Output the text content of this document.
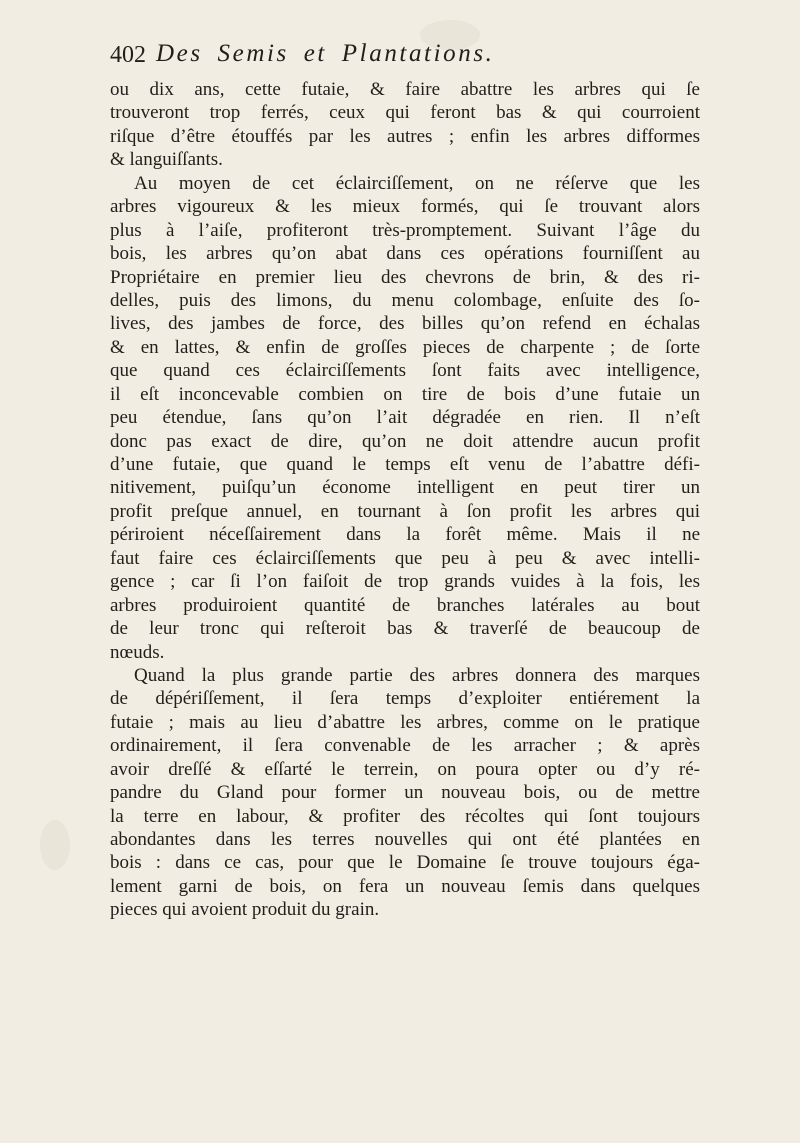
402 Des Semis et Plantations.
ou dix ans, cette futaie, & faire abattre les arbres qui ſe
trouveront trop ferrés, ceux qui feront bas & qui courroient
riſque d’être étouffés par les autres ; enfin les arbres difformes
& languiſſants.
Au moyen de cet éclairciſſement, on ne réſerve que les
arbres vigoureux & les mieux formés, qui ſe trouvant alors
plus à l’aiſe, profiteront très-promptement. Suivant l’âge du
bois, les arbres qu’on abat dans ces opérations fourniſſent au
Propriétaire en premier lieu des chevrons de brin, & des ri-
delles, puis des limons, du menu colombage, enſuite des ſo-
lives, des jambes de force, des billes qu’on refend en échalas
& en lattes, & enfin de groſſes pieces de charpente ; de ſorte
que quand ces éclairciſſements ſont faits avec intelligence,
il eſt inconcevable combien on tire de bois d’une futaie un
peu étendue, ſans qu’on l’ait dégradée en rien. Il n’eſt
donc pas exact de dire, qu’on ne doit attendre aucun profit
d’une futaie, que quand le temps eſt venu de l’abattre défi-
nitivement, puiſqu’un économe intelligent en peut tirer un
profit preſque annuel, en tournant à ſon profit les arbres qui
périroient néceſſairement dans la forêt même. Mais il ne
faut faire ces éclairciſſements que peu à peu & avec intelli-
gence ; car ſi l’on faiſoit de trop grands vuides à la fois, les
arbres produiroient quantité de branches latérales au bout
de leur tronc qui reſteroit bas & traverſé de beaucoup de
nœuds.
Quand la plus grande partie des arbres donnera des marques
de dépériſſement, il ſera temps d’exploiter entiérement la
futaie ; mais au lieu d’abattre les arbres, comme on le pratique
ordinairement, il ſera convenable de les arracher ; & après
avoir dreſſé & eſſarté le terrein, on poura opter ou d’y ré-
pandre du Gland pour former un nouveau bois, ou de mettre
la terre en labour, & profiter des récoltes qui ſont toujours
abondantes dans les terres nouvelles qui ont été plantées en
bois : dans ce cas, pour que le Domaine ſe trouve toujours éga-
lement garni de bois, on fera un nouveau ſemis dans quelques
pieces qui avoient produit du grain.
